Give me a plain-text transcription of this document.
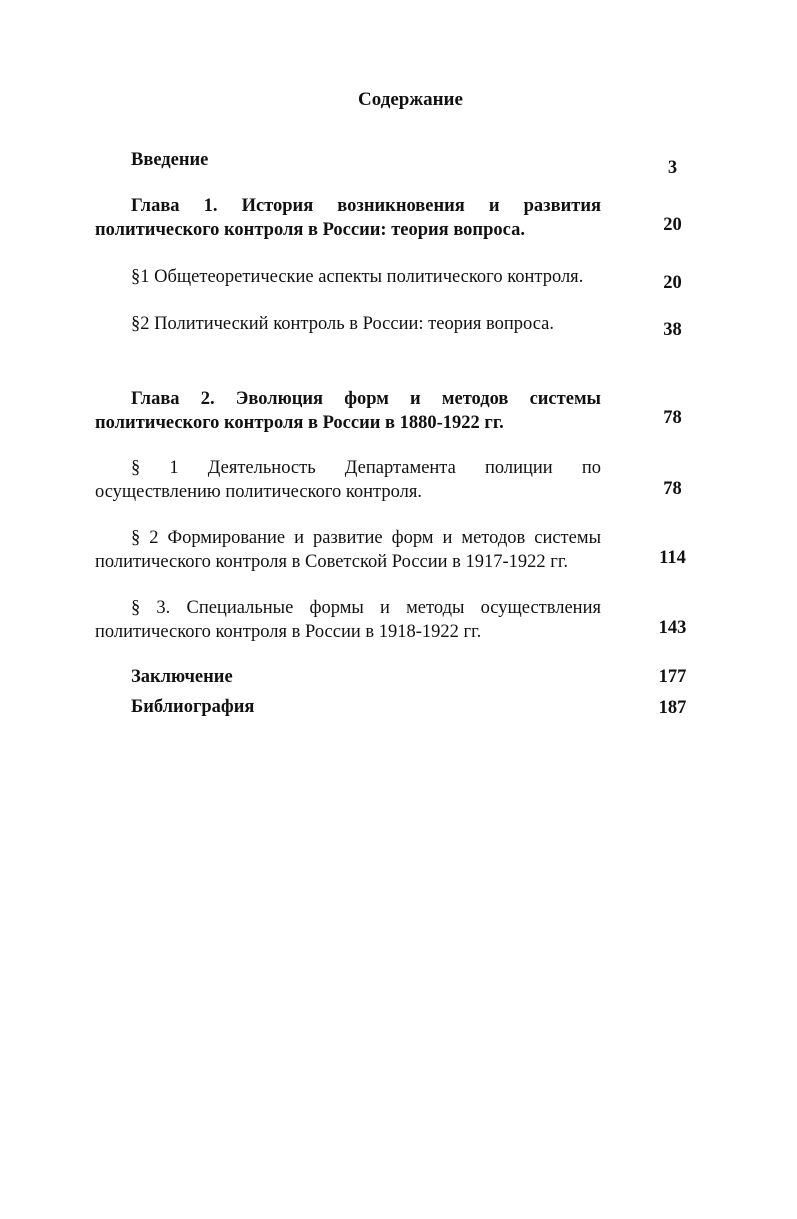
Содержание
Введение	3
Глава 1. История возникновения и развития политического контроля в России: теория вопроса.	20
§1 Общетеоретические аспекты политического контроля.	20
§2 Политический контроль в России: теория вопроса.	38
Глава 2. Эволюция форм и методов системы политического контроля в России в 1880-1922 гг.	78
§ 1 Деятельность Департамента полиции по осуществлению политического контроля.	78
§ 2 Формирование и развитие форм и методов системы политического контроля в Советской России в 1917-1922 гг.	114
§ 3. Специальные формы и методы осуществления политического контроля в России в 1918-1922 гг.	143
Заключение	177
Библиография	187
